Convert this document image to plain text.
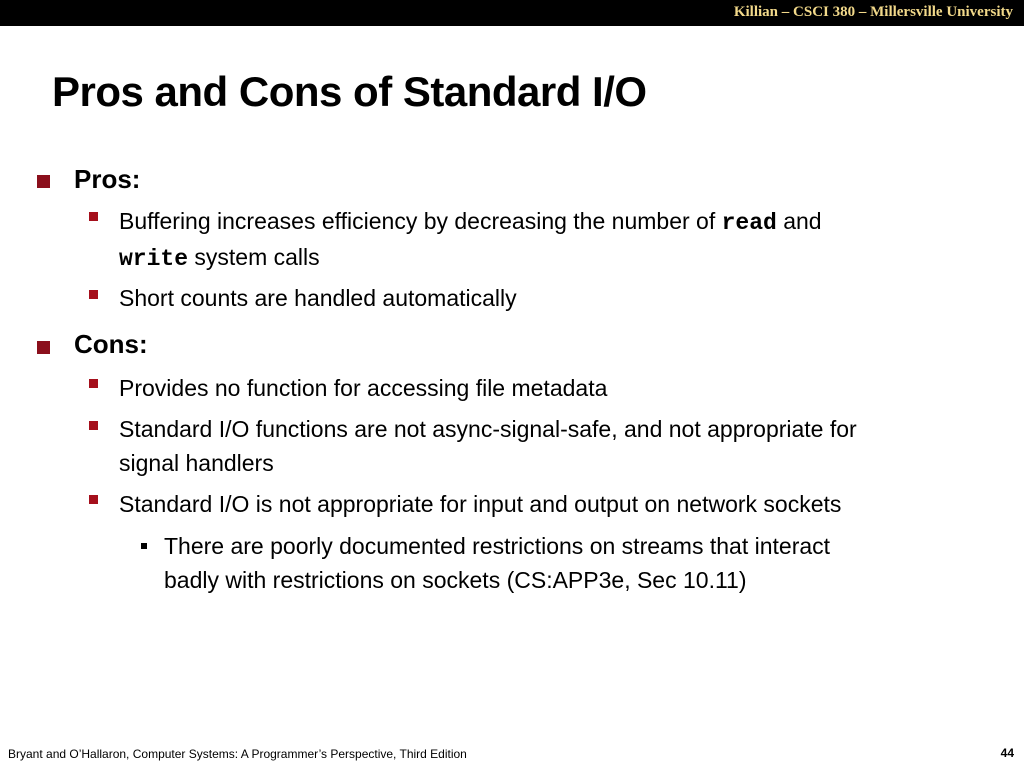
Killian – CSCI 380 – Millersville University
Pros and Cons of Standard I/O
Pros:
Buffering increases efficiency by decreasing the number of read and
write system calls
Short counts are handled automatically
Cons:
Provides no function for accessing file metadata
Standard I/O functions are not async-signal-safe, and not appropriate for
signal handlers
Standard I/O is not appropriate for input and output on network sockets
There are poorly documented restrictions on streams that interact
badly with restrictions on sockets (CS:APP3e, Sec 10.11)
Bryant and O’Hallaron, Computer Systems: A Programmer’s Perspective, Third Edition	44
